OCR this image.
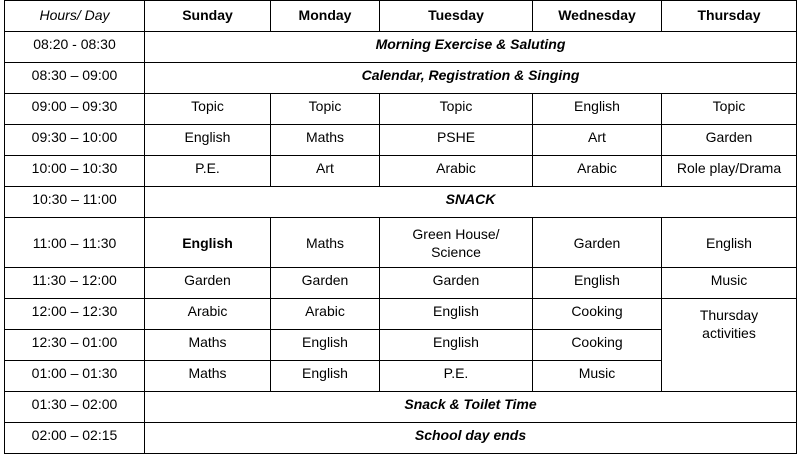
Hours/ Day	Sunday	Monday	Tuesday	Wednesday	Thursday
08:20 - 08:30	Morning Exercise & Saluting				
08:30 – 09:00	Calendar, Registration & Singing				
09:00 – 09:30	Topic	Topic	Topic	English	Topic
09:30 – 10:00	English	Maths	PSHE	Art	Garden
10:00 – 10:30	P.E.	Art	Arabic	Arabic	Role play/Drama
10:30 – 11:00	SNACK				
11:00 – 11:30	English	Maths	Green House/ Science	Garden	English
11:30 – 12:00	Garden	Garden	Garden	English	Music
12:00 – 12:30	Arabic	Arabic	English	Cooking	Thursday activities
12:30 – 01:00	Maths	English	English	Cooking	
01:00 – 01:30	Maths	English	P.E.	Music	
01:30 – 02:00	Snack & Toilet Time				
02:00 – 02:15	School day ends				
